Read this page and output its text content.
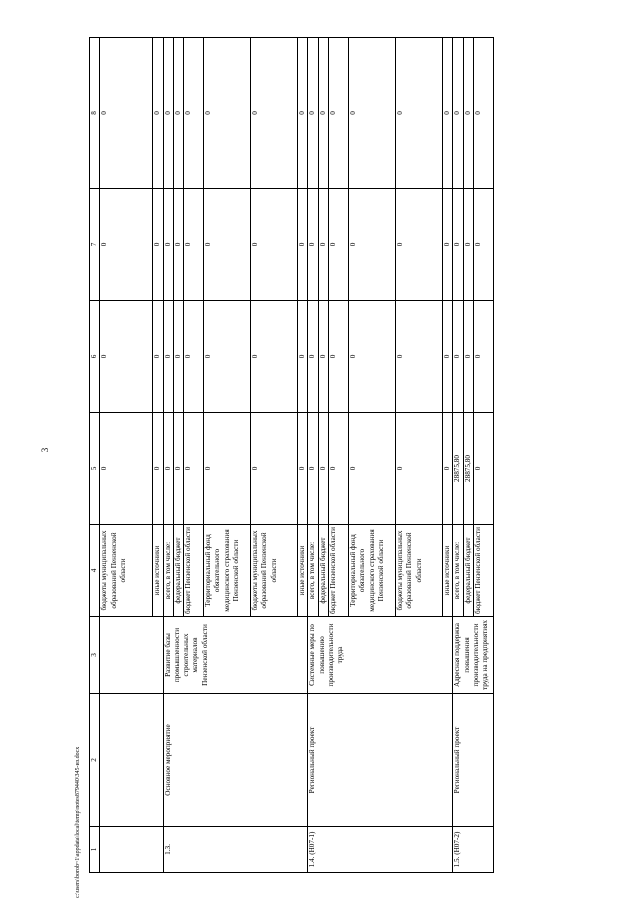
3
c:\users\borob~1\appdata\local\temp\notes879440\345-из.docx 1	2	3	4	5	6	7	8
			бюджеты муниципальных образований Пензенской области	0	0	0	0
			иные источники	0	0	0	0
1.3.	Основное мероприятие	Развитие базы промышленности строительных материалов Пензенской области	всего, в том числе:	0	0	0	0
			федеральный бюджет	0	0	0	0
			бюджет Пензенской области	0	0	0	0
			Территориальный фонд обязательного медицинского страхования Пензенской области	0	0	0	0
			бюджеты муниципальных образований Пензенской области	0	0	0	0
			иные источники	0	0	0	0
1.4. (Н07-1)	Региональный проект	Системные меры по повышению производительности труда	всего, в том числе:	0	0	0	0
			федеральный бюджет	0	0	0	0
			бюджет Пензенской области	0	0	0	0
			Территориальный фонд обязательного медицинского страхования Пензенской области	0	0	0	0
			бюджеты муниципальных образований Пензенской области	0	0	0	0
			иные источники	0	0	0	0
1.5. (Н07-2)	Региональный проект	Адресная поддержка повышения производительности труда на предприятиях	всего, в том числе:	28875,80	0	0	0
			федеральный бюджет	28875,80	0	0	0
			бюджет Пензенской области	0	0	0	0
